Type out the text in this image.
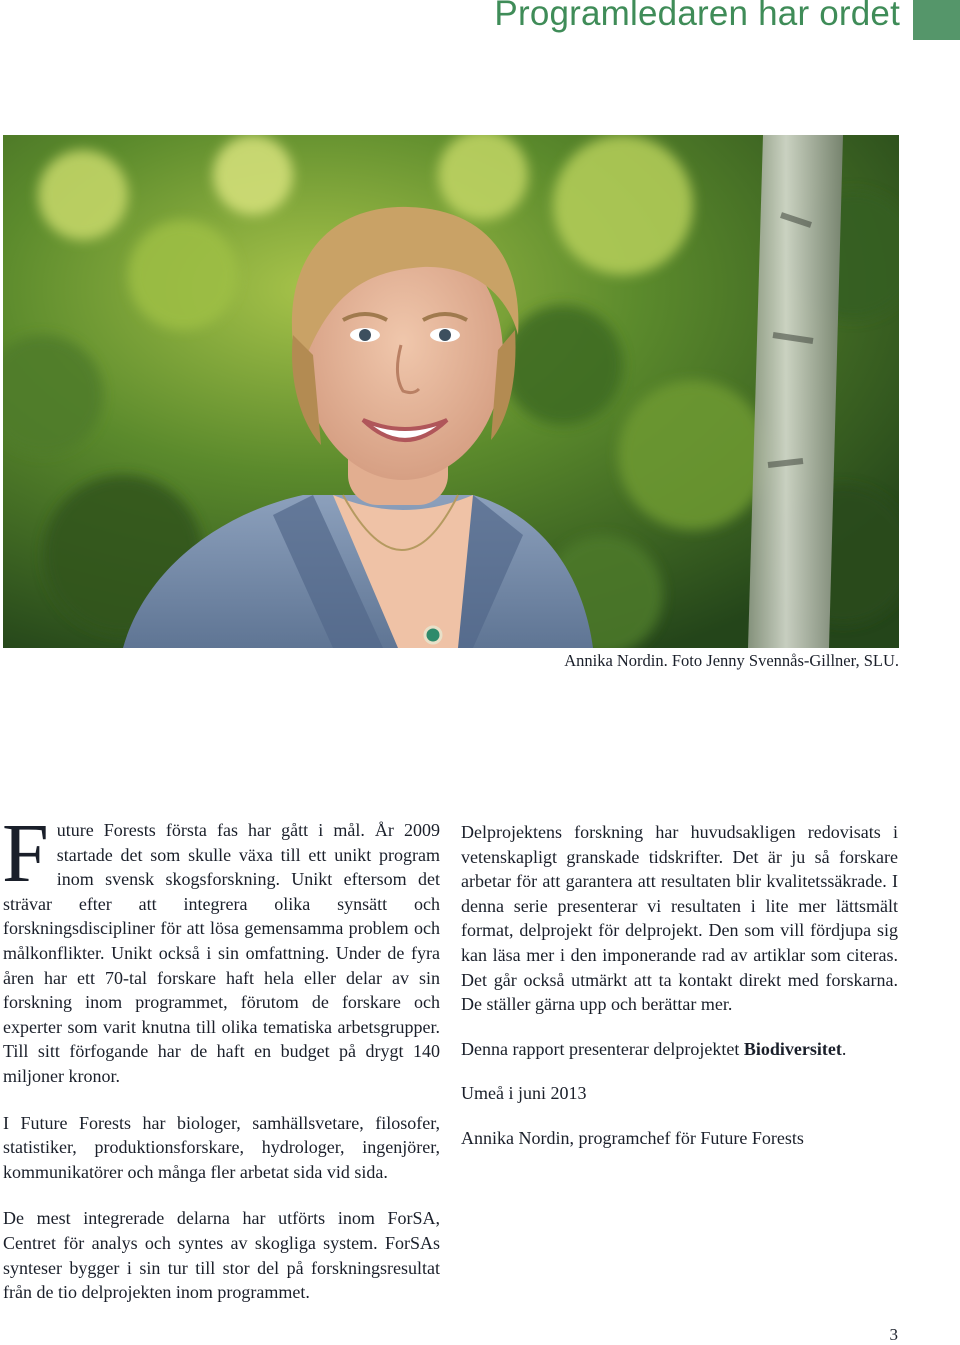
Programledaren har ordet
Annika Nordin. Foto Jenny Svennås-Gillner, SLU.

Future Forests första fas har gått i mål. År 2009 startade det som skulle växa till ett unikt program inom svensk skogsforskning. Unikt eftersom det strävar efter att integrera olika synsätt och forskningsdiscipliner för att lösa gemensamma problem och målkonflikter. Unikt också i sin omfattning. Under de fyra åren har ett 70-tal forskare haft hela eller delar av sin forskning inom programmet, förutom de forskare och experter som varit knutna till olika tematiska arbetsgrupper. Till sitt förfogande har de haft en budget på drygt 140 miljoner kronor.

I Future Forests har biologer, samhällsvetare, filosofer, statistiker, produktionsforskare, hydrologer, ingenjörer, kommunikatörer och många fler arbetat sida vid sida.

De mest integrerade delarna har utförts inom ForSA, Centret för analys och syntes av skogliga system. ForSAs synteser bygger i sin tur till stor del på forskningsresultat från de tio delprojekten inom programmet.

Delprojektens forskning har huvudsakligen redovisats i vetenskapligt granskade tidskrifter. Det är ju så forskare arbetar för att garantera att resultaten blir kvalitetssäkrade. I denna serie presenterar vi resultaten i lite mer lättsmält format, delprojekt för delprojekt. Den som vill fördjupa sig kan läsa mer i den imponerande rad av artiklar som citeras. Det går också utmärkt att ta kontakt direkt med forskarna. De ställer gärna upp och berättar mer.

Denna rapport presenterar delprojektet Biodiversitet.

Umeå i juni 2013

Annika Nordin, programchef för Future Forests

3
